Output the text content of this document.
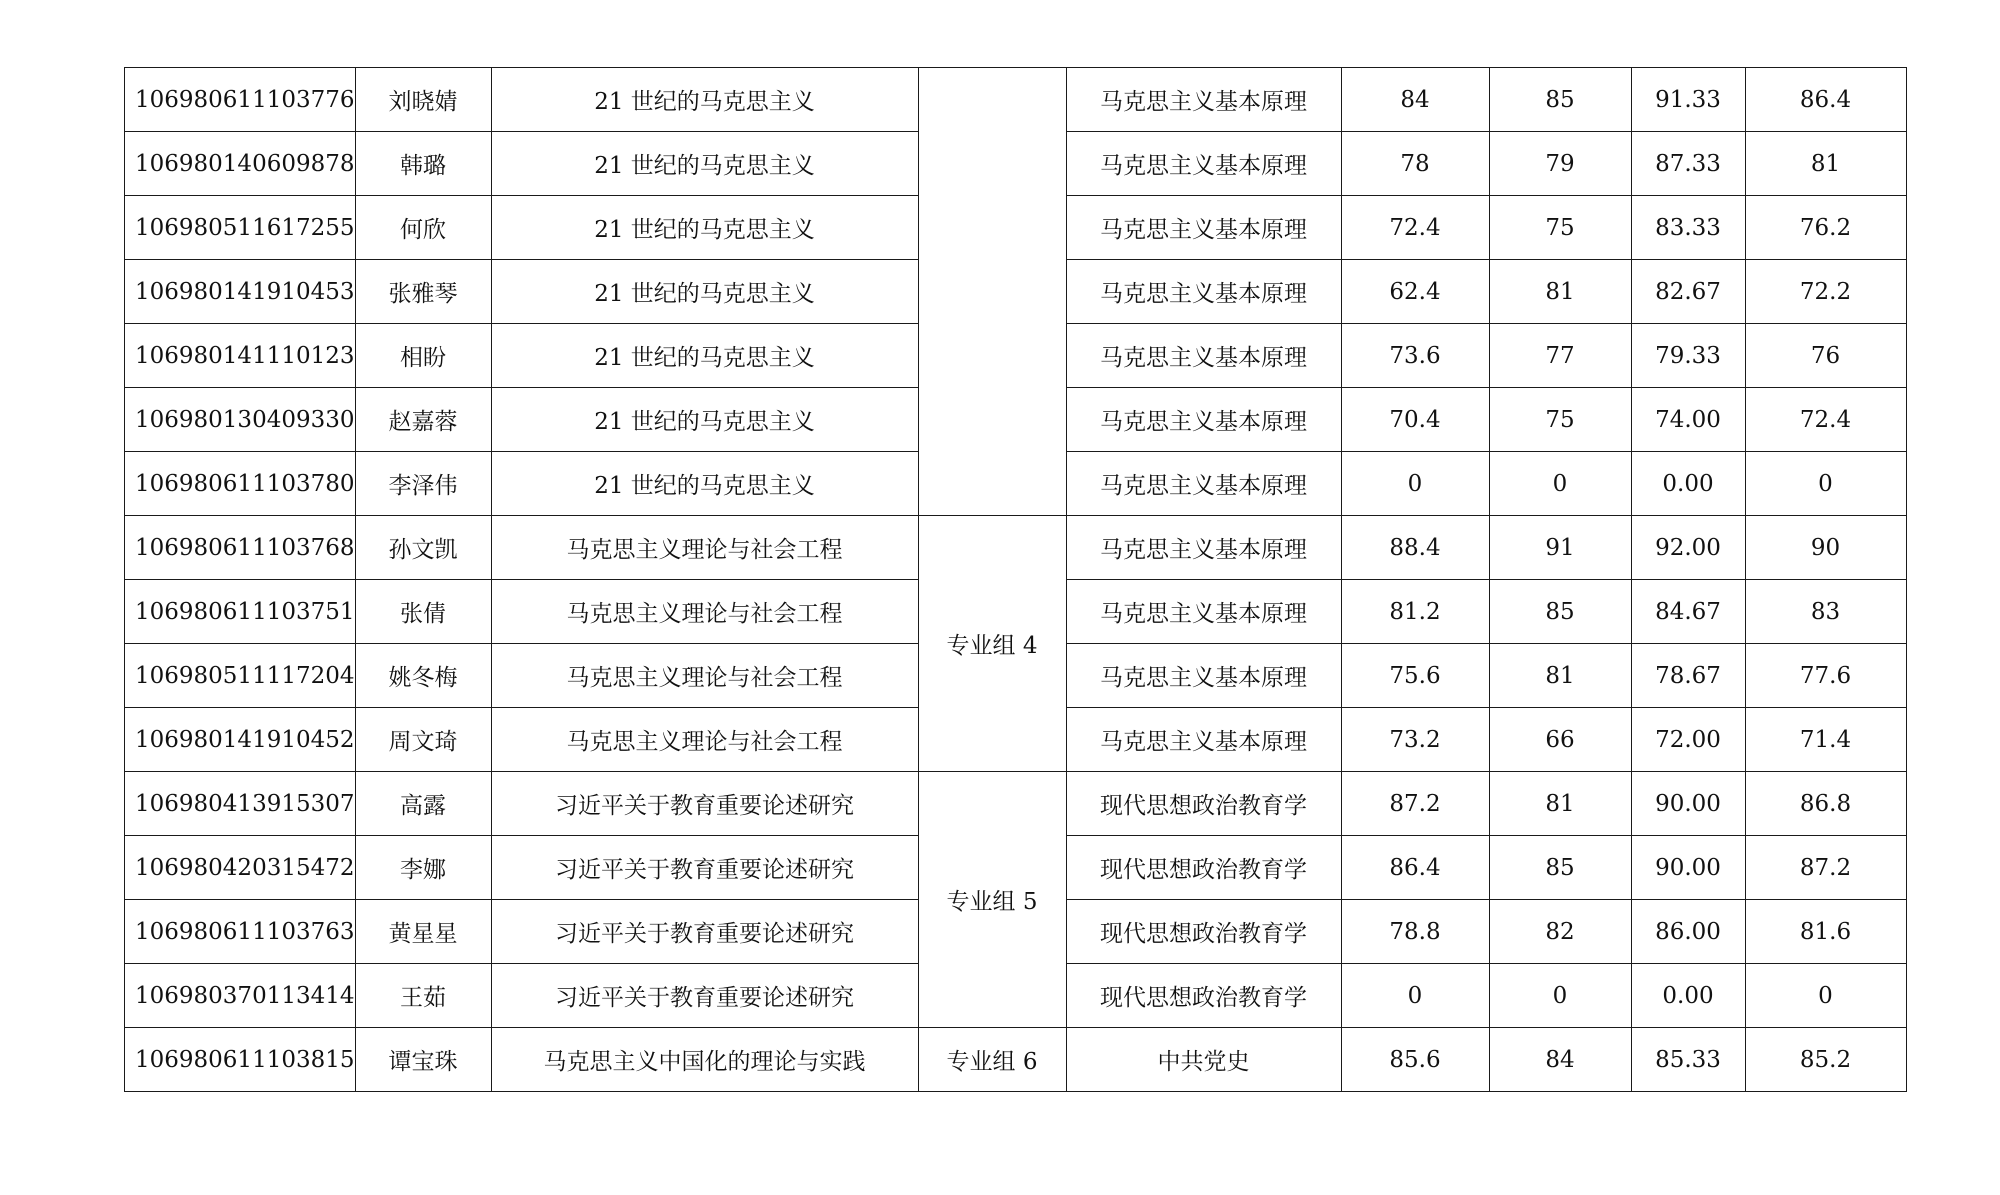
106980611103776	刘晓婧	21 世纪的马克思主义		马克思主义基本原理	84	85	91.33	86.4
106980140609878	韩璐	21 世纪的马克思主义		马克思主义基本原理	78	79	87.33	81
106980511617255	何欣	21 世纪的马克思主义		马克思主义基本原理	72.4	75	83.33	76.2
106980141910453	张雅琴	21 世纪的马克思主义		马克思主义基本原理	62.4	81	82.67	72.2
106980141110123	相盼	21 世纪的马克思主义		马克思主义基本原理	73.6	77	79.33	76
106980130409330	赵嘉蓉	21 世纪的马克思主义		马克思主义基本原理	70.4	75	74.00	72.4
106980611103780	李泽伟	21 世纪的马克思主义		马克思主义基本原理	0	0	0.00	0
106980611103768	孙文凯	马克思主义理论与社会工程	专业组 4	马克思主义基本原理	88.4	91	92.00	90
106980611103751	张倩	马克思主义理论与社会工程		马克思主义基本原理	81.2	85	84.67	83
106980511117204	姚冬梅	马克思主义理论与社会工程		马克思主义基本原理	75.6	81	78.67	77.6
106980141910452	周文琦	马克思主义理论与社会工程		马克思主义基本原理	73.2	66	72.00	71.4
106980413915307	高露	习近平关于教育重要论述研究	专业组 5	现代思想政治教育学	87.2	81	90.00	86.8
106980420315472	李娜	习近平关于教育重要论述研究		现代思想政治教育学	86.4	85	90.00	87.2
106980611103763	黄星星	习近平关于教育重要论述研究		现代思想政治教育学	78.8	82	86.00	81.6
106980370113414	王茹	习近平关于教育重要论述研究		现代思想政治教育学	0	0	0.00	0
106980611103815	谭宝珠	马克思主义中国化的理论与实践	专业组 6	中共党史	85.6	84	85.33	85.2
